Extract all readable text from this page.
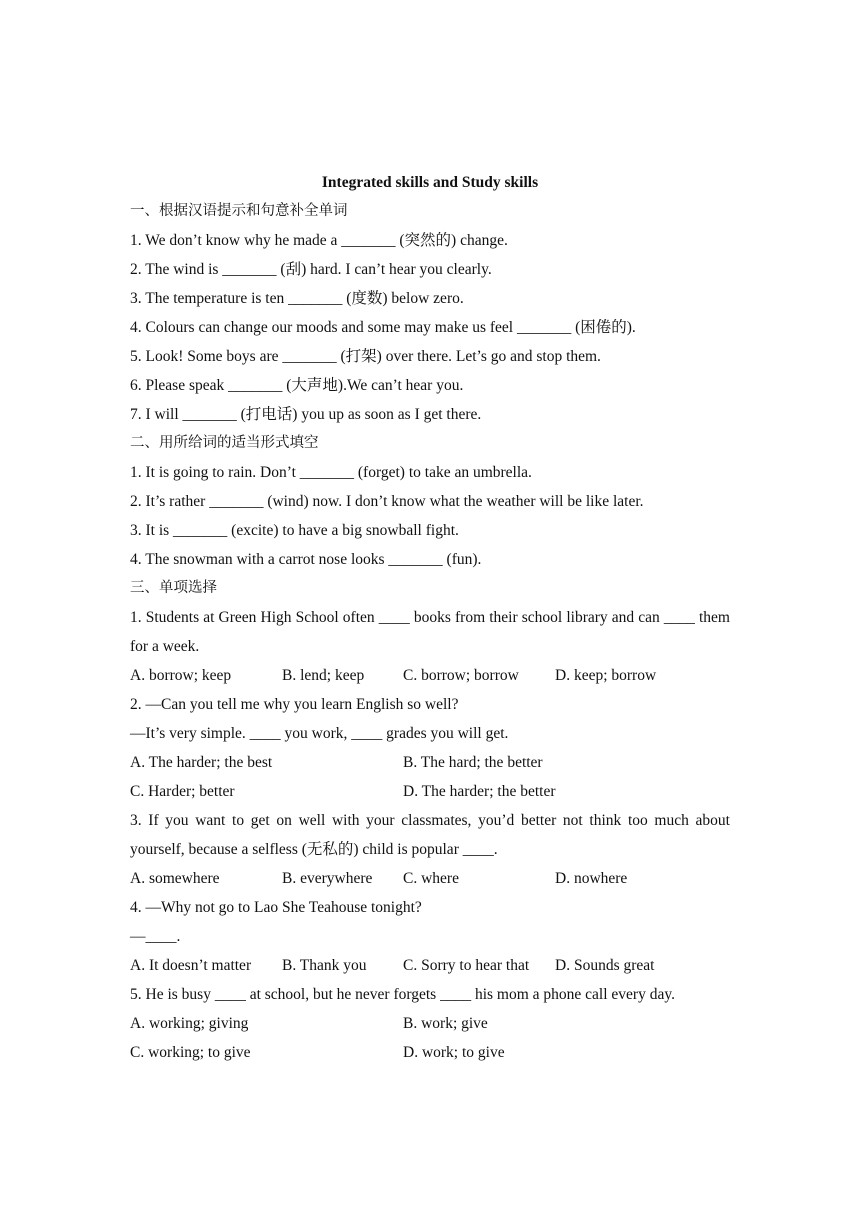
Integrated skills and Study skills
一、根据汉语提示和句意补全单词
1. We don’t know why he made a _______ (突然的) change.
2. The wind is _______ (刮) hard. I can’t hear you clearly.
3. The temperature is ten _______ (度数) below zero.
4. Colours can change our moods and some may make us feel _______ (困倦的).
5. Look! Some boys are _______ (打架) over there. Let’s go and stop them.
6. Please speak _______ (大声地).We can’t hear you.
7. I will _______ (打电话) you up as soon as I get there.
二、用所给词的适当形式填空
1. It is going to rain. Don’t _______ (forget) to take an umbrella.
2. It’s rather _______ (wind) now. I don’t know what the weather will be like later.
3. It is _______ (excite) to have a big snowball fight.
4. The snowman with a carrot nose looks _______ (fun).
三、单项选择
1. Students at Green High School often ____ books from their school library and can ____ them for a week.
A. borrow; keep	B. lend; keep	C. borrow; borrow	D. keep; borrow
2. —Can you tell me why you learn English so well?
—It’s very simple. ____ you work, ____ grades you will get.
A. The harder; the best	B. The hard; the better
C. Harder; better	D. The harder; the better
3. If you want to get on well with your classmates, you’d better not think too much about yourself, because a selfless (无私的) child is popular ____.
A. somewhere	B. everywhere	C. where	D. nowhere
4. —Why not go to Lao She Teahouse tonight?
—____.
A. It doesn’t matter	B. Thank you	C. Sorry to hear that	D. Sounds great
5. He is busy ____ at school, but he never forgets ____ his mom a phone call every day.
A. working; giving	B. work; give
C. working; to give	D. work; to give
